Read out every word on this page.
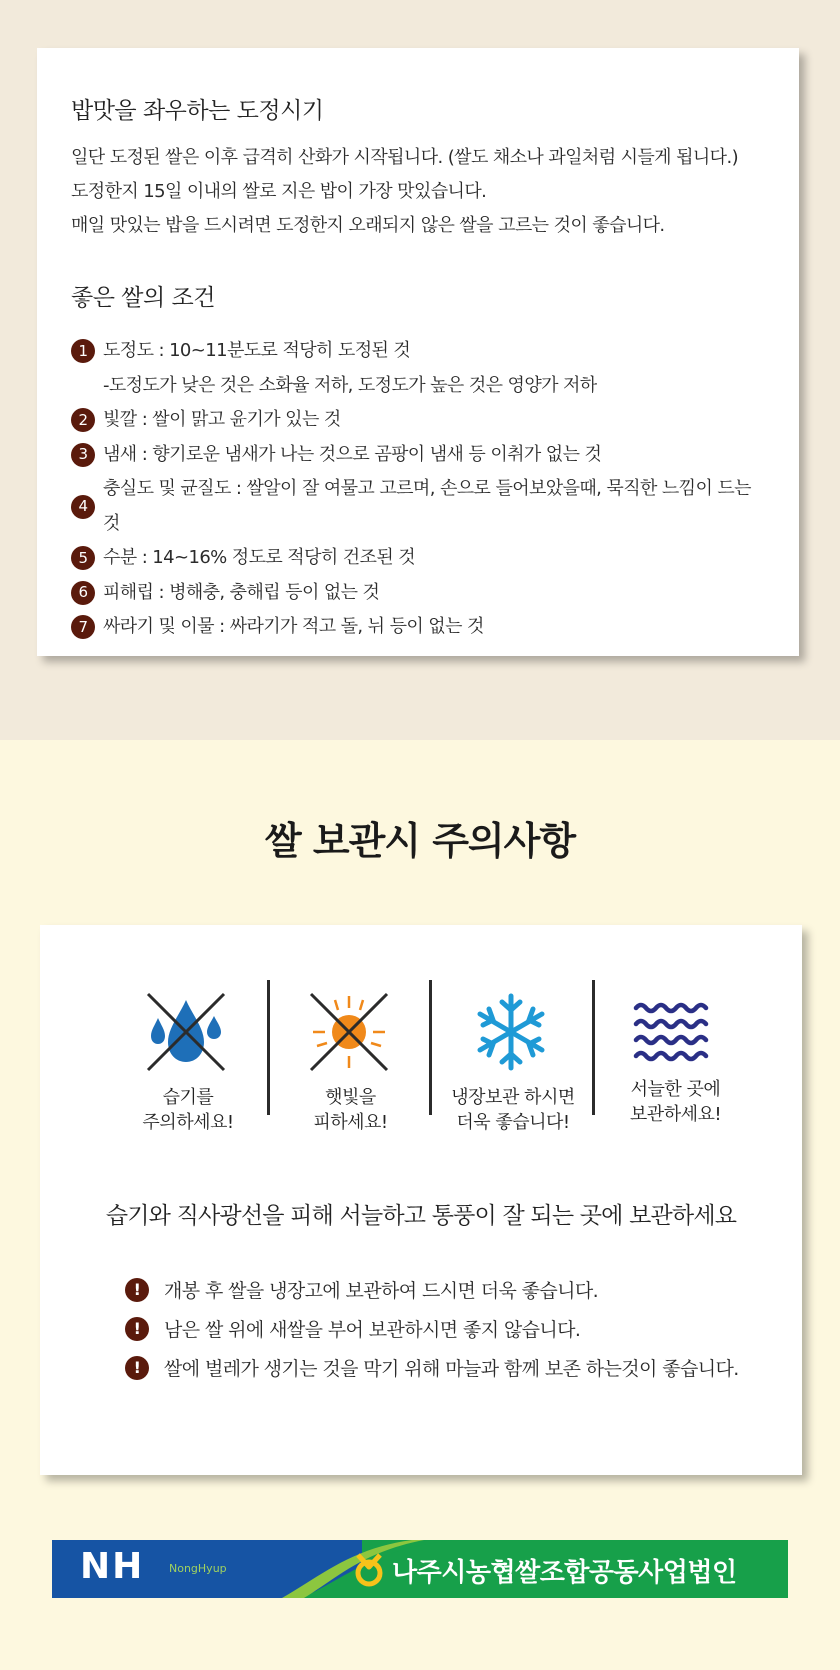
밥맛을 좌우하는 도정시기
일단 도정된 쌀은 이후 급격히 산화가 시작됩니다. (쌀도 채소나 과일처럼 시들게 됩니다.)
도정한지 15일 이내의 쌀로 지은 밥이 가장 맛있습니다.
매일 맛있는 밥을 드시려면 도정한지 오래되지 않은 쌀을 고르는 것이 좋습니다.
좋은 쌀의 조건
1 도정도 : 10~11분도로 적당히 도정된 것
-도정도가 낮은 것은 소화율 저하, 도정도가 높은 것은 영양가 저하
2 빛깔 : 쌀이 맑고 윤기가 있는 것
3 냄새 : 향기로운 냄새가 나는 것으로 곰팡이 냄새 등 이취가 없는 것
4
충실도 및 균질도 : 쌀알이 잘 여물고 고르며, 손으로 들어보았을때, 묵직한 느낌이 드는 것
5 수분 : 14~16% 정도로 적당히 건조된 것
6 피해립 : 병해충, 충해립 등이 없는 것
7 싸라기 및 이물 : 싸라기가 적고 돌, 뉘 등이 없는 것
쌀 보관시 주의사항
습기를
주의하세요!
햇빛을
피하세요!
냉장보관 하시면
더욱 좋습니다!
서늘한 곳에
보관하세요!
습기와 직사광선을 피해 서늘하고 통풍이 잘 되는 곳에 보관하세요
!	개봉 후 쌀을 냉장고에 보관하여 드시면 더욱 좋습니다.
!	남은 쌀 위에 새쌀을 부어 보관하시면 좋지 않습니다.
!	쌀에 벌레가 생기는 것을 막기 위해 마늘과 함께 보존 하는것이 좋습니다.
NH NongHyup	나주시농협쌀조합공동사업법인
